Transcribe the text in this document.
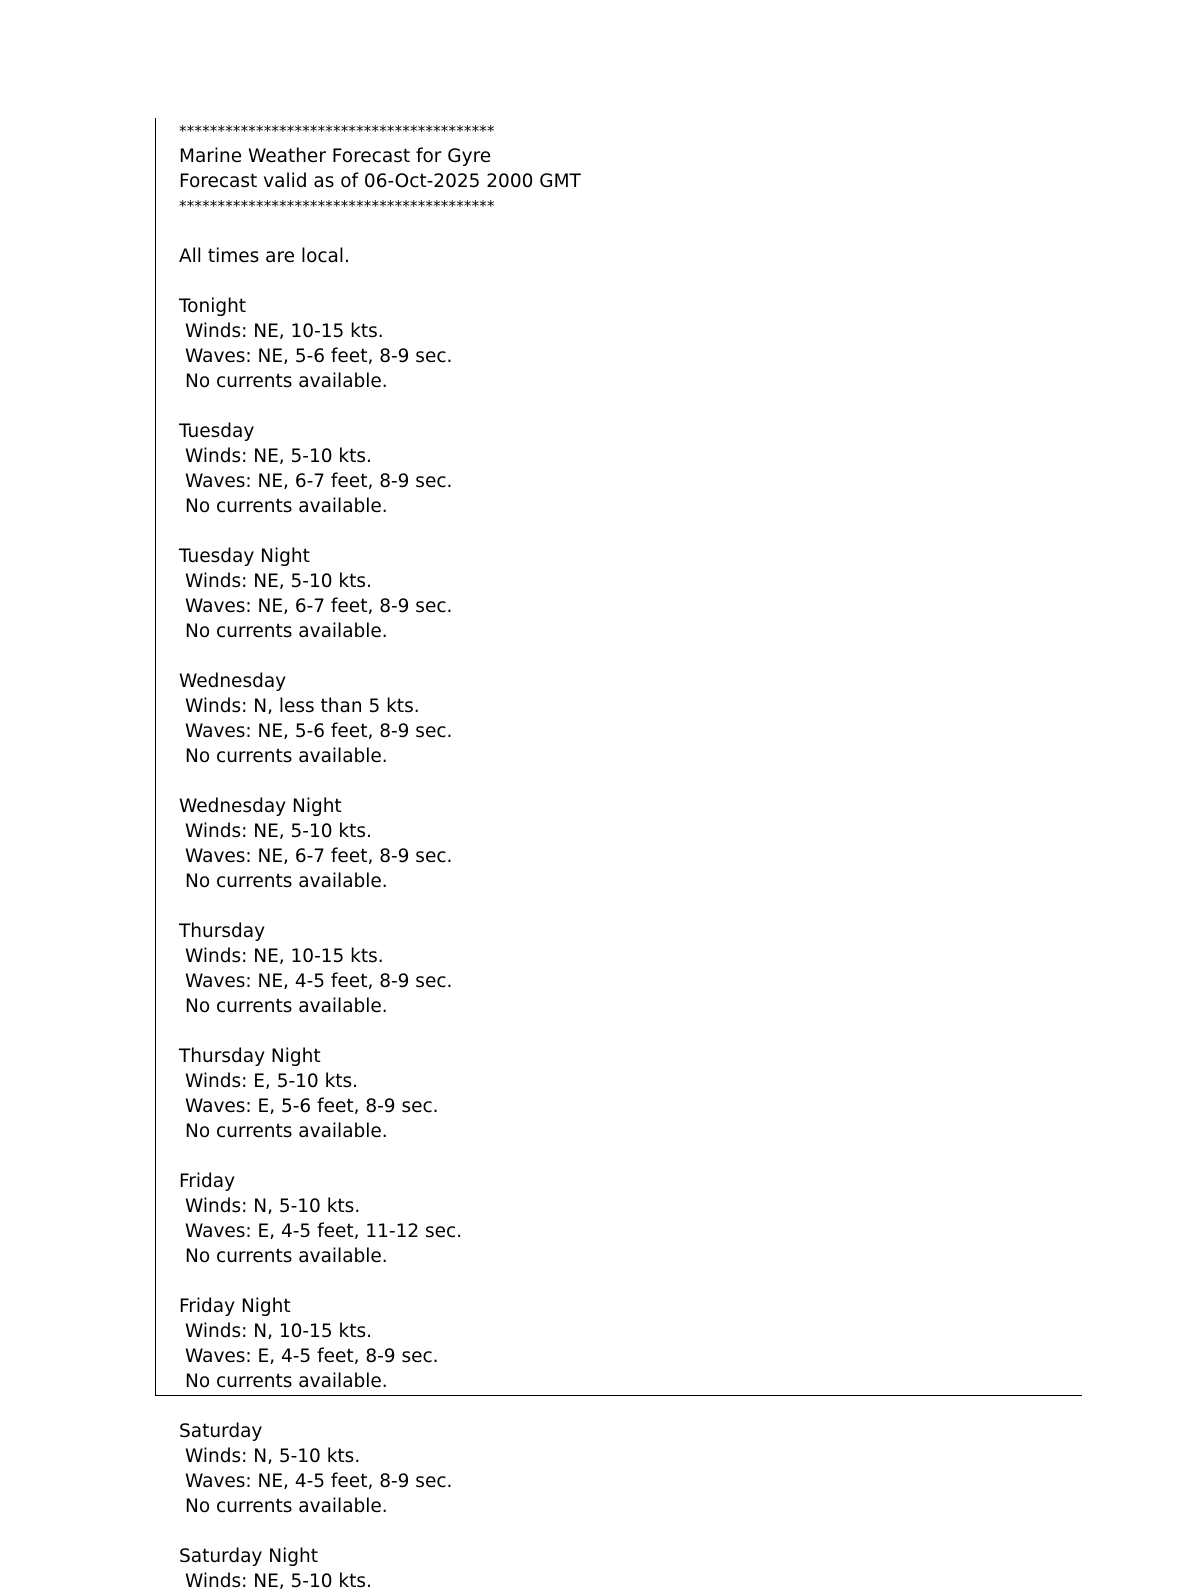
*****************************************
Marine Weather Forecast for Gyre
Forecast valid as of 06-Oct-2025 2000 GMT
*****************************************
All times are local.
Tonight
Winds: NE, 10-15 kts.
Waves: NE, 5-6 feet, 8-9 sec.
No currents available.
Tuesday
Winds: NE, 5-10 kts.
Waves: NE, 6-7 feet, 8-9 sec.
No currents available.
Tuesday Night
Winds: NE, 5-10 kts.
Waves: NE, 6-7 feet, 8-9 sec.
No currents available.
Wednesday
Winds: N, less than 5 kts.
Waves: NE, 5-6 feet, 8-9 sec.
No currents available.
Wednesday Night
Winds: NE, 5-10 kts.
Waves: NE, 6-7 feet, 8-9 sec.
No currents available.
Thursday
Winds: NE, 10-15 kts.
Waves: NE, 4-5 feet, 8-9 sec.
No currents available.
Thursday Night
Winds: E, 5-10 kts.
Waves: E, 5-6 feet, 8-9 sec.
No currents available.
Friday
Winds: N, 5-10 kts.
Waves: E, 4-5 feet, 11-12 sec.
No currents available.
Friday Night
Winds: N, 10-15 kts.
Waves: E, 4-5 feet, 8-9 sec.
No currents available.
Saturday
Winds: N, 5-10 kts.
Waves: NE, 4-5 feet, 8-9 sec.
No currents available.
Saturday Night
Winds: NE, 5-10 kts.
